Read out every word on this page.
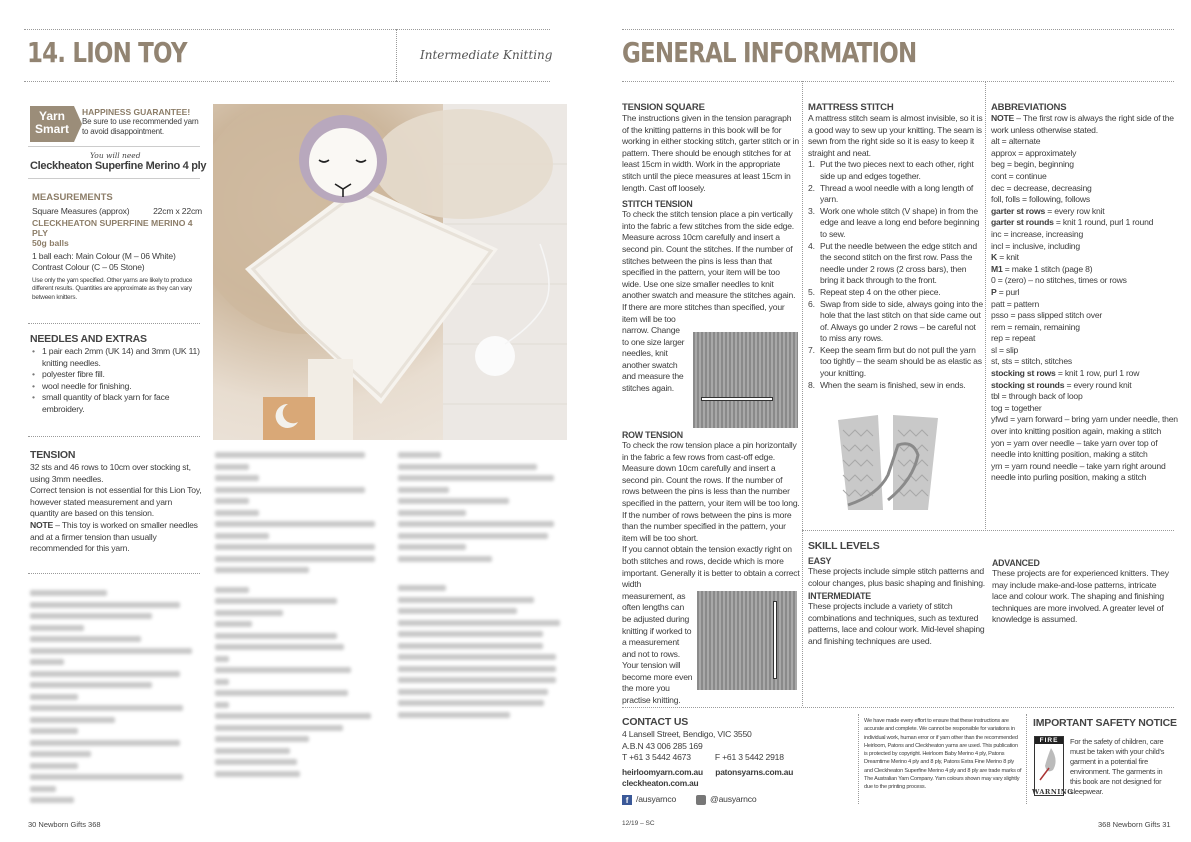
14. LION TOY	Intermediate Knitting
Yarn
Smart
HAPPINESS GUARANTEE!
Be sure to use recommended yarn to avoid disappointment.
You will need
Cleckheaton Superfine Merino 4 ply
MEASUREMENTS
Square Measures (approx)	22cm x 22cm
CLECKHEATON SUPERFINE MERINO 4 PLY
50g balls
1 ball each: Main Colour (M – 06 White)
Contrast Colour (C – 05 Stone)
Use only the yarn specified. Other yarns are likely to produce different results. Quantities are approximate as they can vary between knitters.
NEEDLES AND EXTRAS
• 1 pair each 2mm (UK 14) and 3mm (UK 11) knitting needles.
• polyester fibre fill.
• wool needle for finishing.
• small quantity of black yarn for face embroidery.
TENSION
32 sts and 46 rows to 10cm over stocking st, using 3mm needles.
Correct tension is not essential for this Lion Toy, however stated measurement and yarn quantity are based on this tension.
NOTE – This toy is worked on smaller needles and at a firmer tension than usually recommended for this yarn.
30 Newborn Gifts 368
GENERAL INFORMATION
TENSION SQUARE
The instructions given in the tension paragraph of the knitting patterns in this book will be for working in either stocking stitch, garter stitch or in pattern. There should be enough stitches for at least 15cm in width. Work in the appropriate stitch until the piece measures at least 15cm in length. Cast off loosely.
STITCH TENSION
To check the stitch tension place a pin vertically into the fabric a few stitches from the side edge. Measure across 10cm carefully and insert a second pin. Count the stitches. If the number of stitches between the pins is less than that specified in the pattern, your item will be too wide. Use one size smaller needles to knit another swatch and measure the stitches again. If there are more stitches than specified, your
item will be too narrow. Change to one size larger needles, knit another swatch and measure the stitches again.
ROW TENSION
To check the row tension place a pin horizontally in the fabric a few rows from cast-off edge. Measure down 10cm carefully and insert a second pin. Count the rows. If the number of rows between the pins is less than the number specified in the pattern, your item will be too long. If the number of rows between the pins is more than the number specified in the pattern, your item will be too short.
If you cannot obtain the tension exactly right on both stitches and rows, decide which is more important. Generally it is better to obtain a correct
width measurement, as often lengths can be adjusted during knitting if worked to a measurement and not to rows. Your tension will become more even the more you practise knitting.
MATTRESS STITCH
A mattress stitch seam is almost invisible, so it is a good way to sew up your knitting. The seam is sewn from the right side so it is easy to keep it straight and neat.
1. Put the two pieces next to each other, right side up and edges together.
2. Thread a wool needle with a long length of yarn.
3. Work one whole stitch (V shape) in from the edge and leave a long end before beginning to sew.
4. Put the needle between the edge stitch and the second stitch on the first row. Pass the needle under 2 rows (2 cross bars), then bring it back through to the front.
5. Repeat step 4 on the other piece.
6. Swap from side to side, always going into the hole that the last stitch on that side came out of. Always go under 2 rows – be careful not to miss any rows.
7. Keep the seam firm but do not pull the yarn too tightly – the seam should be as elastic as your knitting.
8. When the seam is finished, sew in ends.
ABBREVIATIONS
NOTE – The first row is always the right side of the work unless otherwise stated.
alt = alternate
approx = approximately
beg = begin, beginning
cont = continue
dec = decrease, decreasing
foll, folls = following, follows
garter st rows = every row knit
garter st rounds = knit 1 round, purl 1 round
inc = increase, increasing
incl = inclusive, including
K = knit
M1 = make 1 stitch (page 8)
0 = (zero) – no stitches, times or rows
P = purl
patt = pattern
psso = pass slipped stitch over
rem = remain, remaining
rep = repeat
sl = slip
st, sts = stitch, stitches
stocking st rows = knit 1 row, purl 1 row
stocking st rounds = every round knit
tbl = through back of loop
tog = together
yfwd = yarn forward – bring yarn under needle, then over into knitting position again, making a stitch
yon = yarn over needle – take yarn over top of needle into knitting position, making a stitch
yrn = yarn round needle – take yarn right around needle into purling position, making a stitch
SKILL LEVELS
EASY
These projects include simple stitch patterns and colour changes, plus basic shaping and finishing.
INTERMEDIATE
These projects include a variety of stitch combinations and techniques, such as textured patterns, lace and colour work. Mid-level shaping and finishing techniques are used.
ADVANCED
These projects are for experienced knitters. They may include make-and-lose patterns, intricate lace and colour work. The shaping and finishing techniques are more involved. A greater level of knowledge is assumed.
CONTACT US
4 Lansell Street, Bendigo, VIC 3550
A.B.N 43 006 285 169
T +61 3 5442 4673	F +61 3 5442 2918
heirloomyarn.com.au patonsyarns.com.au   cleckheaton.com.au
f /ausyarnco	@ausyarnco
12/19 – SC
We have made every effort to ensure that these instructions are accurate and complete. We cannot be responsible for variations in individual work, human error or if yarn other than the recommended Heirloom, Patons and Cleckheaton yarns are used. This publication is protected by copyright. Heirloom Baby Merino 4 ply, Patons Dreamtime Merino 4 ply and 8 ply, Patons Extra Fine Merino 8 ply and Cleckheaton Superfine Merino 4 ply and 8 ply are trade marks of The Australian Yarn Company. Yarn colours shown may vary slightly due to the printing process.
IMPORTANT SAFETY NOTICE
FIRE
WARNING
For the safety of children, care must be taken with your child's garment in a potential fire environment. The garments in this book are not designed for sleepwear.
368 Newborn Gifts 31
